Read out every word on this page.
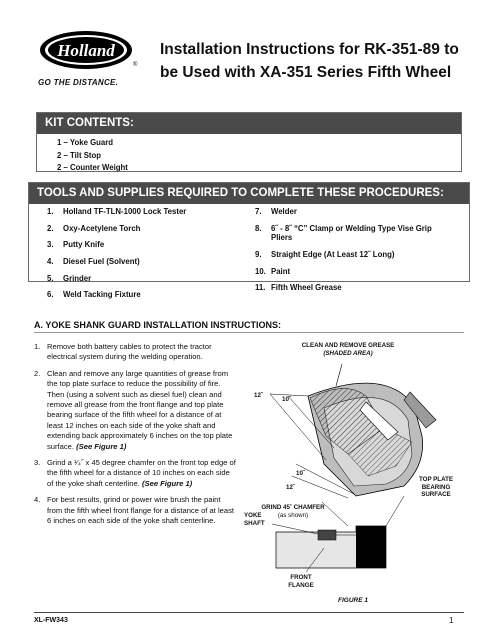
Holland
®
GO THE DISTANCE.
Installation Instructions for RK-351-89 to
be Used with XA-351 Series Fifth Wheel
KIT CONTENTS:
1 – Yoke Guard
2 – Tilt Stop
2 – Counter Weight
TOOLS AND SUPPLIES REQUIRED TO COMPLETE THESE PROCEDURES:
1.	Holland TF-TLN-1000 Lock Tester
2.	Oxy-Acetylene Torch
3.	Putty Knife
4.	Diesel Fuel (Solvent)
5.	Grinder
6.	Weld Tacking Fixture
7.	Welder
8.	6˝ - 8˝ “C” Clamp or Welding Type Vise Grip Pliers
9.	Straight Edge (At Least 12˝ Long)
10. Paint
11. Fifth Wheel Grease
A. YOKE SHANK GUARD INSTALLATION INSTRUCTIONS:
1. Remove both battery cables to protect the tractor electrical system during the welding operation.
2. Clean and remove any large quantities of grease from the top plate surface to reduce the possibility of fire. Then (using a solvent such as diesel fuel) clean and remove all grease from the front flange and top plate bearing surface of the fifth wheel for a distance of at least 12 inches on each side of the yoke shaft and extending back approximately 6 inches on the top plate surface. (See Figure 1)
3. Grind a ¹⁄₄˝ x 45 degree chamfer on the front top edge of the fifth wheel for a distance of 10 inches on each side of the yoke shaft centerline. (See Figure 1)
4. For best results, grind or power wire brush the paint from the fifth wheel front flange for a distance of at least 6 inches on each side of the yoke shaft centerline.
CLEAN AND REMOVE GREASE
(SHADED AREA)
12˝
10˝
10˝
12˝
GRIND 45˚ CHAMFER
(as shown)
YOKE
SHAFT
TOP PLATE
BEARING
SURFACE
FRONT
FLANGE
FIGURE 1
XL-FW343	1
